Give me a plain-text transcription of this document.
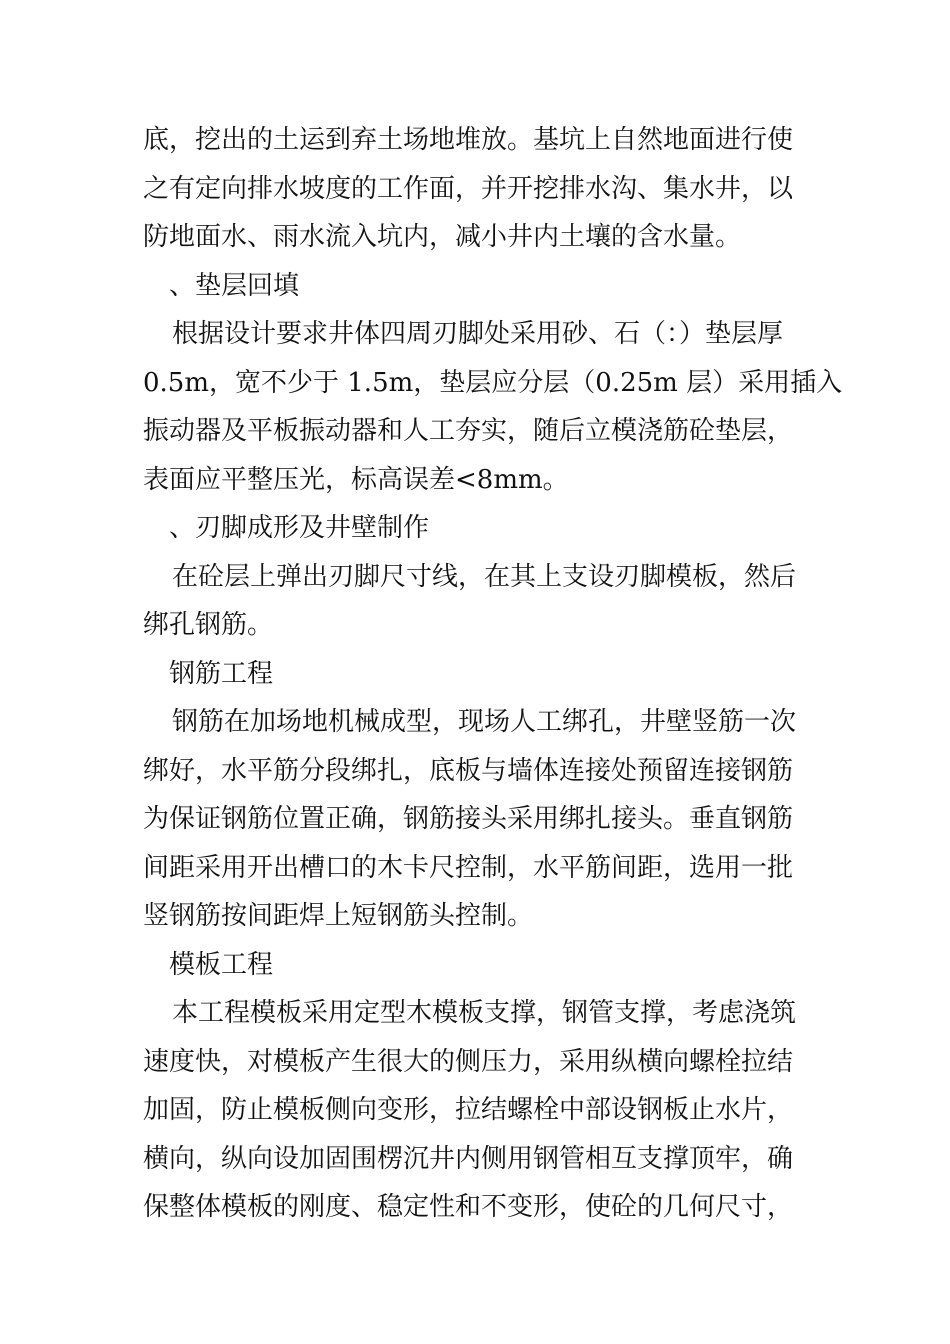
底，挖出的土运到弃土场地堆放。基坑上自然地面进行使
之有定向排水坡度的工作面，并开挖排水沟、集水井，以
防地面水、雨水流入坑内，减小井内土壤的含水量。
、垫层回填
根据设计要求井体四周刃脚处采用砂、石（：）垫层厚
0.5m，宽不少于 1.5m，垫层应分层（0.25m 层）采用插入
振动器及平板振动器和人工夯实，随后立模浇筋砼垫层，
表面应平整压光，标高误差<8mm。
、刃脚成形及井壁制作
在砼层上弹出刃脚尺寸线，在其上支设刃脚模板，然后
绑孔钢筋。
钢筋工程
钢筋在加场地机械成型，现场人工绑孔，井壁竖筋一次
绑好，水平筋分段绑扎，底板与墙体连接处预留连接钢筋
为保证钢筋位置正确，钢筋接头采用绑扎接头。垂直钢筋
间距采用开出槽口的木卡尺控制，水平筋间距，选用一批
竖钢筋按间距焊上短钢筋头控制。
模板工程
本工程模板采用定型木模板支撑，钢管支撑，考虑浇筑
速度快，对模板产生很大的侧压力，采用纵横向螺栓拉结
加固，防止模板侧向变形，拉结螺栓中部设钢板止水片，
横向，纵向设加固围楞沉井内侧用钢管相互支撑顶牢，确
保整体模板的刚度、稳定性和不变形，使砼的几何尺寸，
